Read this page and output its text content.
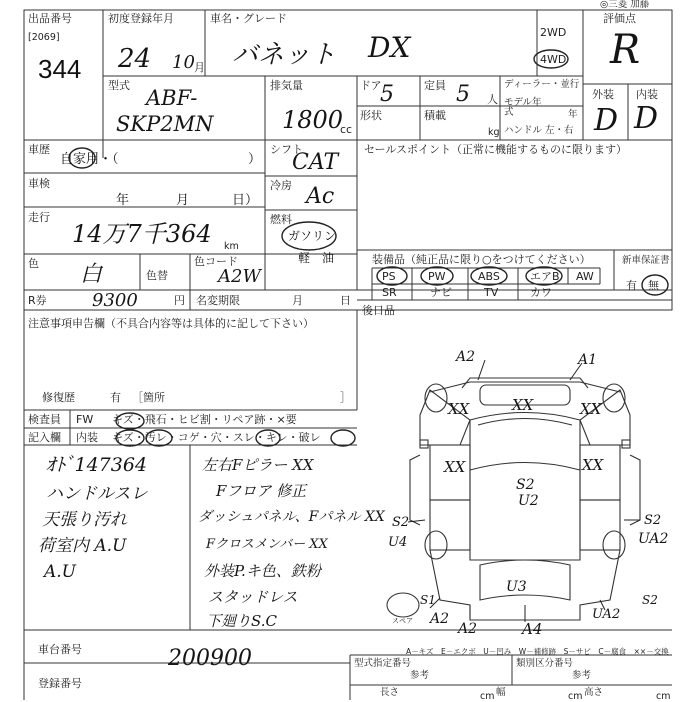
出品番号
[2069]
344
初度登録年月
24 10 月
車名・グレード
バネット DX	2WD
4WD
評価点
R
外装 内装
D D
◎三菱 加藤
型式
ABF-
SKP2MN
排気量
1800
cc
ドア
5	定員 5 人
形状	積載
kg
ディーラー・並行
モデル年式	年
ハンドル 左・右
車歴
自家用・（	）
シフト
CAT
車検
年	月	日）
冷房 Ac
走行
14万7千364 km
燃料
ガソリン
軽　油
色 白	色替
色コード
A2W
R券	9300	円 名変期限	月	日
セールスポイント（正常に機能するものに限ります）
装備品（純正品に限り○をつけてください）	新車保証書
有 無
PS	PW	ABS	エアB AW
SR	ナビ	TV	カワ
後日品
注意事項申告欄（不具合内容等は具体的に記して下さい）
修復歴	有 ［箇所	］
検査員
記入欄
FW キズ・飛石・ヒビ割・リペア跡・×要
内装 キズ・汚レ・コゲ・穴・スレ・キレ・破レ
ｵﾄﾞ147364
ハンドルスレ
天張り汚れ
荷室内 A.U
A.U
左右Fピラー XX
Fフロア 修正
ダッシュパネル、Fパネル XX
Fクロスメンバー XX
外装P.キ色、鉄粉
スタッドレス
下廻りS.C
A2	A1
XX	XX	XX
XX	XX
S2
U2
S2
U4
S2
UA2
U3
S1
A2
A4
A2
S2
UA2
スペア
A－キズ　E－エクボ　U－凹み　W－補修跡　S－サビ　C－腐食　××－交換
車台番号	200900
登録番号
型式指定番号	類別区分番号
参考	参考
長さ	cm 幅	cm 高さ	cm
